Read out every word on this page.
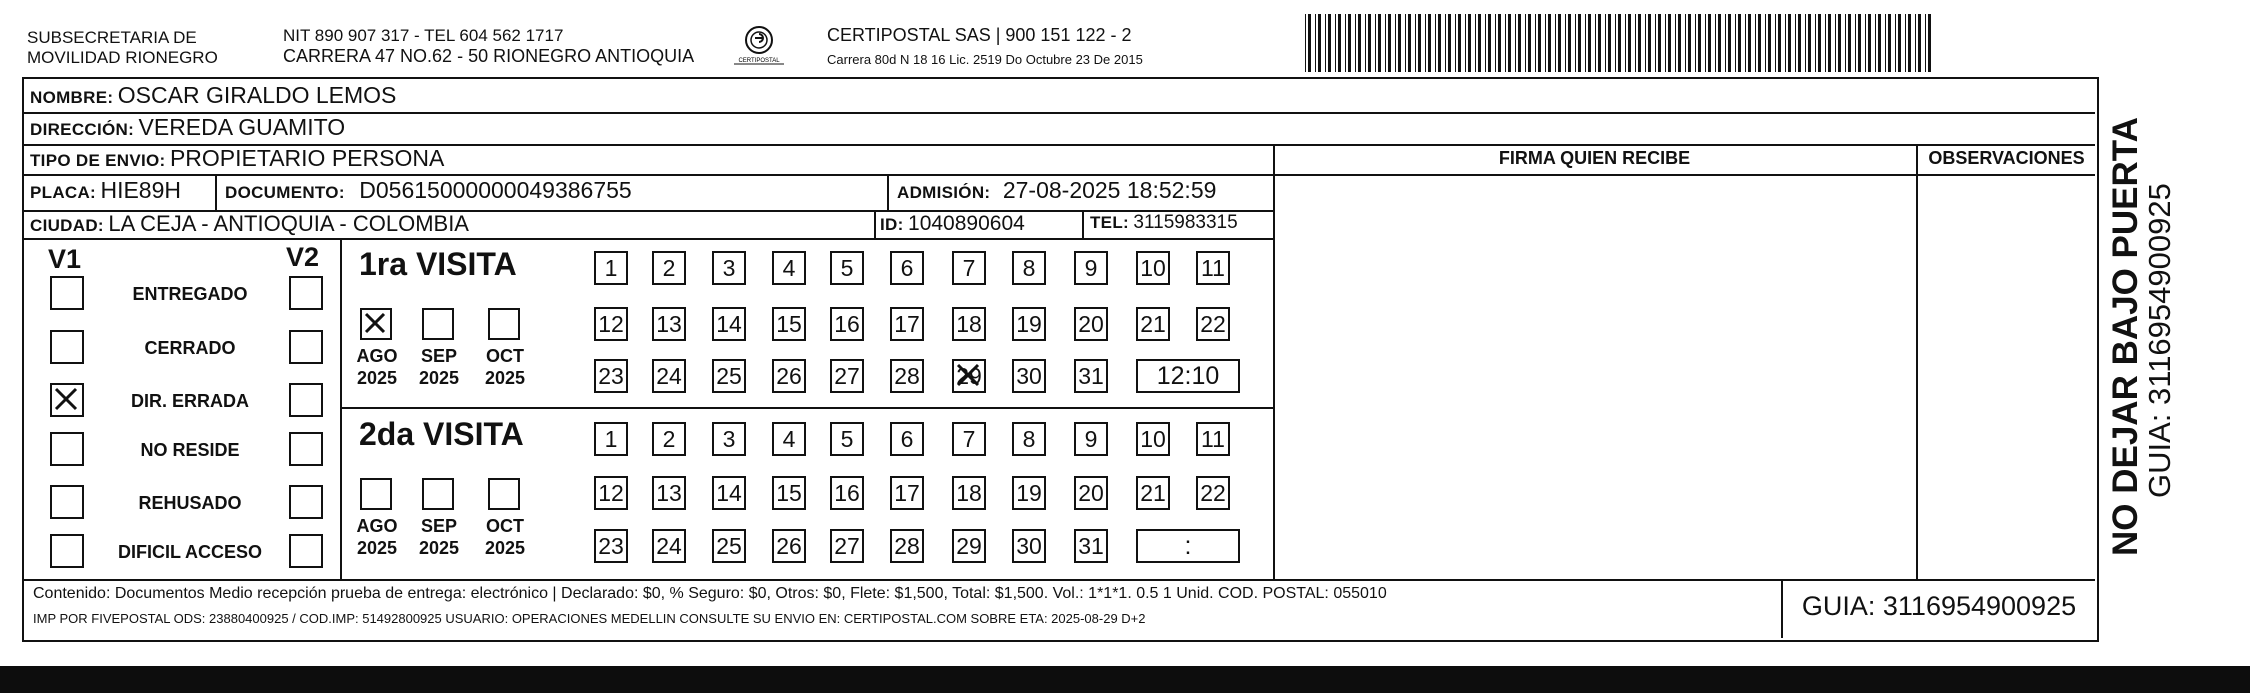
SUBSECRETARIA DE
MOVILIDAD RIONEGRO
NIT 890 907 317 - TEL 604 562 1717
CARRERA 47 NO.62 - 50 RIONEGRO ANTIOQUIA	CERTIPOSTAL
CERTIPOSTAL SAS | 900 151 122 - 2
Carrera 80d N 18 16 Lic. 2519 Do Octubre 23 De 2015
NOMBRE: OSCAR GIRALDO LEMOS
DIRECCIÓN: VEREDA GUAMITO
TIPO DE ENVIO: PROPIETARIO PERSONA	FIRMA QUIEN RECIBE	OBSERVACIONES
PLACA: HIE89H	DOCUMENTO: D05615000000049386755	ADMISIÓN: 27-08-2025 18:52:59
CIUDAD: LA CEJA - ANTIOQUIA - COLOMBIA	ID: 1040890604	TEL: 3115983315
V1	V2
ENTREGADO
CERRADO
DIR. ERRADA
NO RESIDE
REHUSADO
DIFICIL ACCESO
1ra VISITA
AGO
2025
SEP
2025
OCT
2025
1	2	3	4	5	6	7	8	9	10 11
12 13 14 15 16 17 18 19 20 21 22
23 24 25 26 27 28 29 30 31	12:10
2da VISITA
AGO
2025
SEP
2025
OCT
2025
1	2	3	4	5	6	7	8	9	10 11
12 13 14 15 16 17 18 19 20 21 22
23 24 25 26 27 28 29 30 31	:
Contenido: Documentos Medio recepción prueba de entrega: electrónico | Declarado: $0, % Seguro: $0, Otros: $0, Flete: $1,500, Total: $1,500. Vol.: 1*1*1. 0.5 1 Unid. COD. POSTAL: 055010
IMP POR FIVEPOSTAL ODS: 23880400925 / COD.IMP: 51492800925 USUARIO: OPERACIONES MEDELLIN CONSULTE SU ENVIO EN: CERTIPOSTAL.COM SOBRE ETA: 2025-08-29 D+2	GUIA: 3116954900925
NO DEJAR BAJO PUERTA
GUIA: 3116954900925
